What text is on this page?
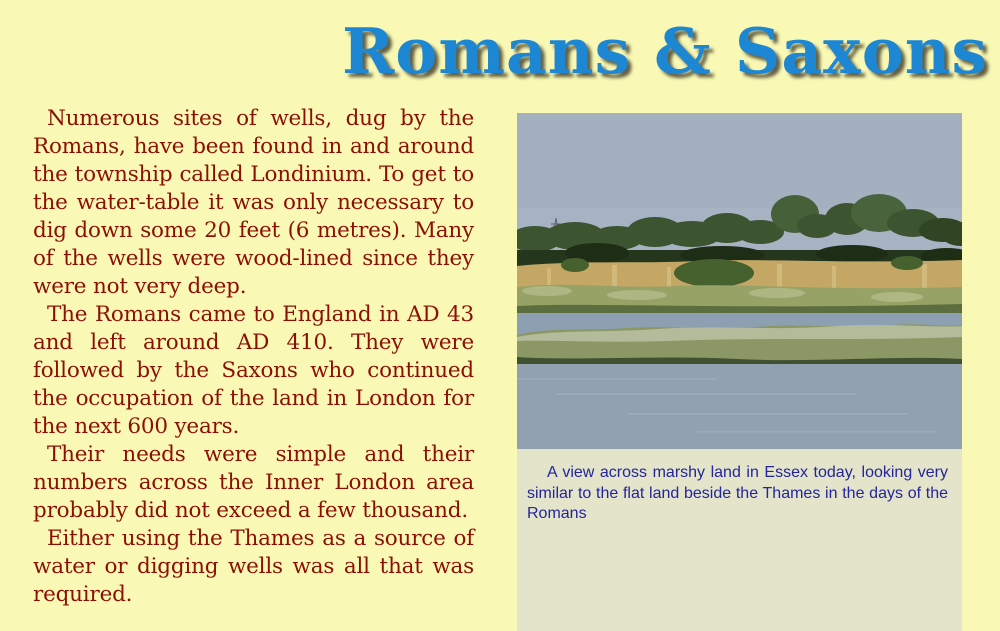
Romans & Saxons

Numerous sites of wells, dug by the Romans, have been found in and around the township called Londinium. To get to the water-table it was only necessary to dig down some 20 feet (6 metres). Many of the wells were wood-lined since they were not very deep.

The Romans came to England in AD 43 and left around AD 410. They were followed by the Saxons who continued the occupation of the land in London for the next 600 years.

Their needs were simple and their numbers across the Inner London area probably did not exceed a few thousand.

Either using the Thames as a source of water or digging wells was all that was required.

A view across marshy land in Essex today, looking very similar to the flat land beside the Thames in the days of the Romans
